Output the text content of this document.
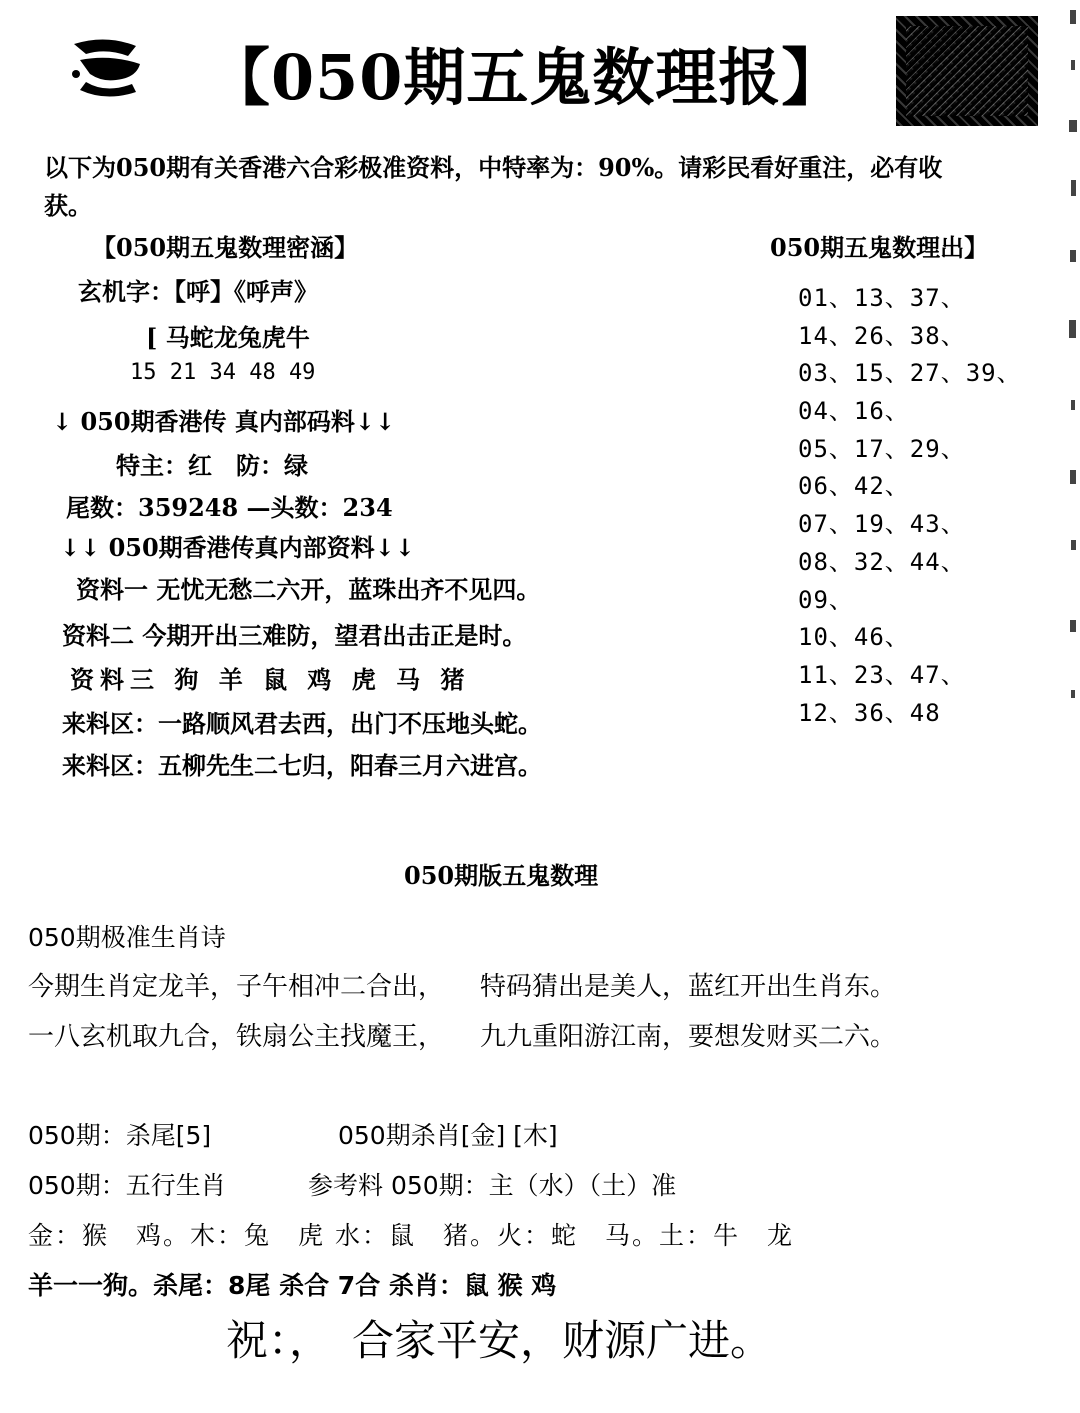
【050期五鬼数理报】
以下为050期有关香港六合彩极准资料，中特率为：90%。请彩民看好重注，必有收
获。
【050期五鬼数理密涵】
玄机字：【呼】《呼声》
[ 马蛇龙兔虎牛
15 21 34 48 49
↓ 050期香港传 真内部码料↓↓
特主：红　防：绿
尾数：359248 —头数：234
↓↓ 050期香港传真内部资料↓↓
资料一 无忧无愁二六开，蓝珠出齐不见四。
资料二 今期开出三难防，望君出击正是时。
资料三 狗 羊 鼠 鸡 虎 马 猪
来料区：一路顺风君去西，出门不压地头蛇。
来料区：五柳先生二七归，阳春三月六进宫。
050期五鬼数理出】
01、13、37、
14、26、38、
03、15、27、39、
04、16、
05、17、29、
06、42、
07、19、43、
08、32、44、
09、
10、46、
11、23、47、
12、36、48
050期版五鬼数理
050期极准生肖诗
今期生肖定龙羊，子午相冲二合出， 特码猜出是美人，蓝红开出生肖东。
一八玄机取九合，铁扇公主找魔王， 九九重阳游江南，要想发财买二六。
050期：杀尾[5]	050期杀肖[金] [木]
050期：五行生肖	参考料 050期：主（水）（土）准
金：猴　鸡。木：兔　虎 水：鼠　猪。火：蛇　马。土：牛　龙
羊一一狗。杀尾：8尾 杀合 7合 杀肖：鼠 猴 鸡
祝：，　合家平安，财源广进。
